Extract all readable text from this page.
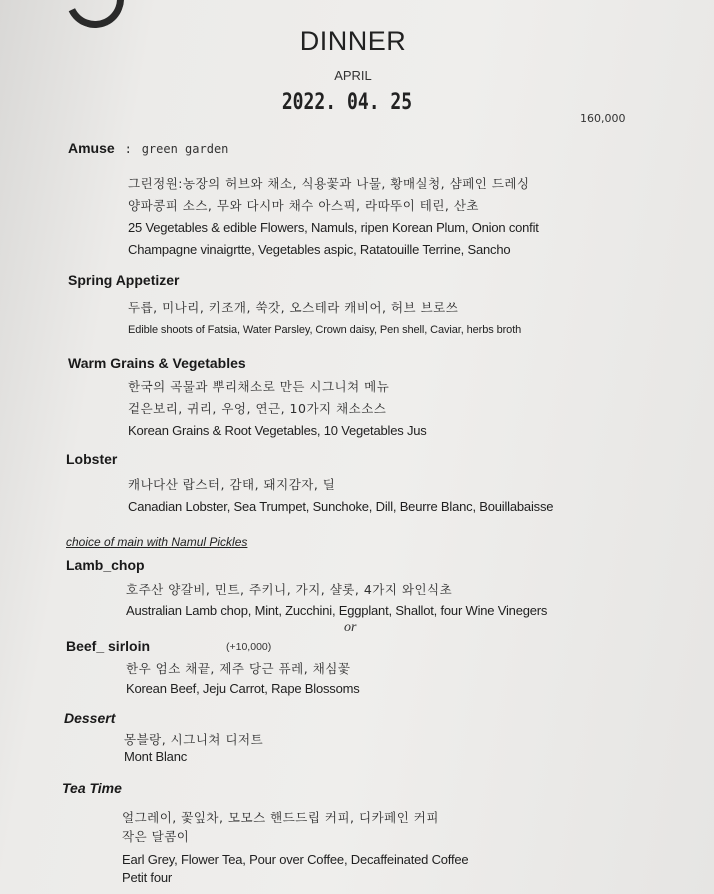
DINNER
APRIL
2022. 04. 25
160,000
Amuse : green garden
그린정원:농장의 허브와 채소, 식용꽃과 나물, 황매실청, 샴페인 드레싱
양파콩피 소스, 무와 다시마 채수 아스픽, 라따뚜이 테린, 산초
25 Vegetables & edible Flowers, Namuls, ripen Korean Plum, Onion confit
Champagne vinaigrtte, Vegetables aspic, Ratatouille Terrine, Sancho
Spring Appetizer
두릅, 미나리, 키조개, 쑥갓, 오스테라 캐비어, 허브 브로쓰
Edible shoots of Fatsia, Water Parsley, Crown daisy, Pen shell, Caviar, herbs broth
Warm Grains & Vegetables
한국의 곡물과 뿌리채소로 만든 시그니쳐 메뉴
겉은보리, 귀리, 우엉, 연근, 10가지 채소소스
Korean Grains & Root Vegetables, 10 Vegetables Jus
Lobster
캐나다산 랍스터, 감태, 돼지감자, 딜
Canadian Lobster, Sea Trumpet, Sunchoke, Dill, Beurre Blanc, Bouillabaisse
choice of main with Namul Pickles
Lamb_chop
호주산 양갈비, 민트, 주키니, 가지, 샬롯, 4가지 와인식초
Australian Lamb chop, Mint, Zucchini, Eggplant, Shallot, four Wine Vinegers
or
Beef_ sirloin	(+10,000)
한우 엄소 채끝, 제주 당근 퓨레, 채심꽃
Korean Beef, Jeju Carrot, Rape Blossoms
Dessert
몽블랑, 시그니쳐 디저트
Mont Blanc
Tea Time
얼그레이, 꽃잎차, 모모스 핸드드립 커피, 디카페인 커피
작은 달콤이
Earl Grey, Flower Tea, Pour over Coffee, Decaffeinated Coffee
Petit four
